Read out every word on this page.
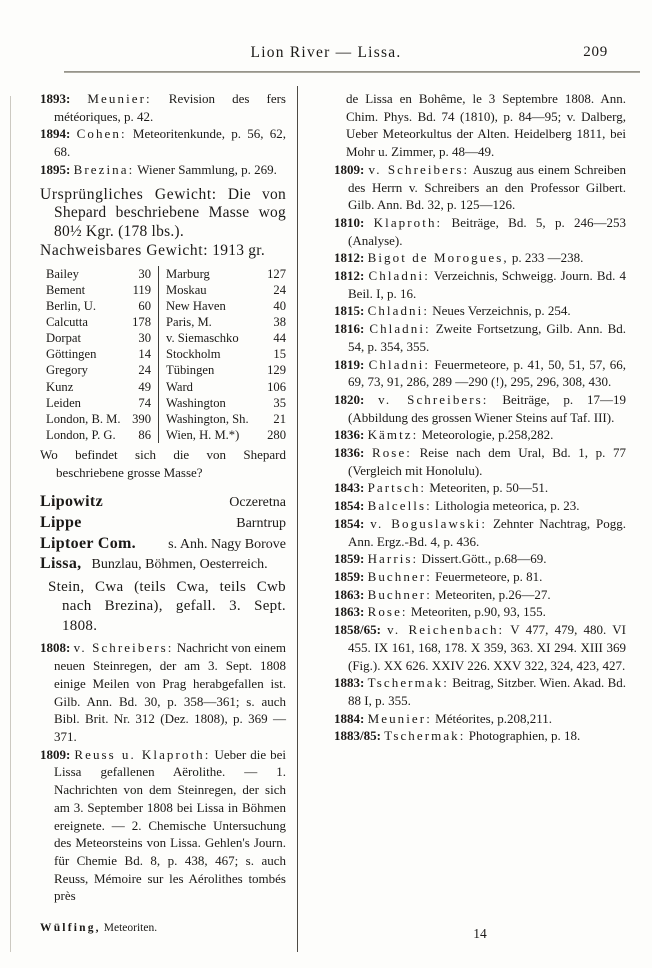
Lion River — Lissa.	209

1893: Meunier: Revision des fers météoriques, p. 42.

1894: Cohen: Meteoritenkunde, p. 56, 62, 68.

1895: Brezina: Wiener Sammlung, p. 269.

Ursprüngliches Gewicht: Die von Shepard beschriebene Masse wog 80½ Kgr. (178 lbs.).

Nachweisbares Gewicht: 1913 gr.

Bailey	30	Marburg	127
Bement	119	Moskau	24
Berlin, U.	60	New Haven	40
Calcutta	178	Paris, M.	38
Dorpat	30	v. Siemaschko	44
Göttingen	14	Stockholm	15
Gregory	24	Tübingen	129
Kunz	49	Ward	106
Leiden	74	Washington	35
London, B. M. 390	Washington, Sh.	21
London, P. G.	86	Wien, H. M.*)	280

Wo befindet sich die von Shepard beschriebene grosse Masse?

Lipowitz	Oczeretna
Lippe	Barntrup
Liptoer Com. s. Anh. Nagy Borove
Lissa, Bunzlau, Böhmen, Oesterreich.

Stein, Cwa (teils Cwa, teils Cwb nach Brezina), gefall. 3. Sept. 1808.

1808: v. Schreibers: Nachricht von einem neuen Steinregen, der am 3. Sept. 1808 einige Meilen von Prag herabgefallen ist. Gilb. Ann. Bd. 30, p. 358—361; s. auch Bibl. Brit. Nr. 312 (Dez. 1808), p. 369 — 371.

1809: Reuss u. Klaproth: Ueber die bei Lissa gefallenen Aërolithe. — 1. Nachrichten von dem Steinregen, der sich am 3. September 1808 bei Lissa in Böhmen ereignete. — 2. Chemische Untersuchung des Meteorsteins von Lissa. Gehlen's Journ. für Chemie Bd. 8, p. 438, 467; s. auch Reuss, Mémoire sur les Aérolithes tombés près

de Lissa en Bohême, le 3 Septembre 1808. Ann. Chim. Phys. Bd. 74 (1810), p. 84—95; v. Dalberg, Ueber Meteorkultus der Alten. Heidelberg 1811, bei Mohr u. Zimmer, p. 48—49.

1809: v. Schreibers: Auszug aus einem Schreiben des Herrn v. Schreibers an den Professor Gilbert. Gilb. Ann. Bd. 32, p. 125—126.

1810: Klaproth: Beiträge, Bd. 5, p. 246—253 (Analyse).

1812: Bigot de Morogues, p. 233 —238.

1812: Chladni: Verzeichnis, Schweigg. Journ. Bd. 4 Beil. I, p. 16.

1815: Chladni: Neues Verzeichnis, p. 254.

1816: Chladni: Zweite Fortsetzung, Gilb. Ann. Bd. 54, p. 354, 355.

1819: Chladni: Feuermeteore, p. 41, 50, 51, 57, 66, 69, 73, 91, 286, 289 —290 (!), 295, 296, 308, 430.

1820: v. Schreibers: Beiträge, p. 17—19 (Abbildung des grossen Wiener Steins auf Taf. III).

1836: Kämtz: Meteorologie, p.258,282.

1836: Rose: Reise nach dem Ural, Bd. 1, p. 77 (Vergleich mit Honolulu).

1843: Partsch: Meteoriten, p. 50—51.

1854: Balcells: Lithologia meteorica, p. 23.

1854: v. Boguslawski: Zehnter Nachtrag, Pogg. Ann. Ergz.-Bd. 4, p. 436.

1859: Harris: Dissert.Gött., p.68—69.

1859: Buchner: Feuermeteore, p. 81.

1863: Buchner: Meteoriten, p.26—27.

1863: Rose: Meteoriten, p.90, 93, 155.

1858/65: v. Reichenbach: V 477, 479, 480. VI 455. IX 161, 168, 178. X 359, 363. XI 294. XIII 369 (Fig.). XX 626. XXIV 226. XXV 322, 324, 423, 427.

1883: Tschermak: Beitrag, Sitzber. Wien. Akad. Bd. 88 I, p. 355.

1884: Meunier: Météorites, p.208,211.

1883/85: Tschermak: Photographien, p. 18.

Wülfing, Meteoriten.	14
